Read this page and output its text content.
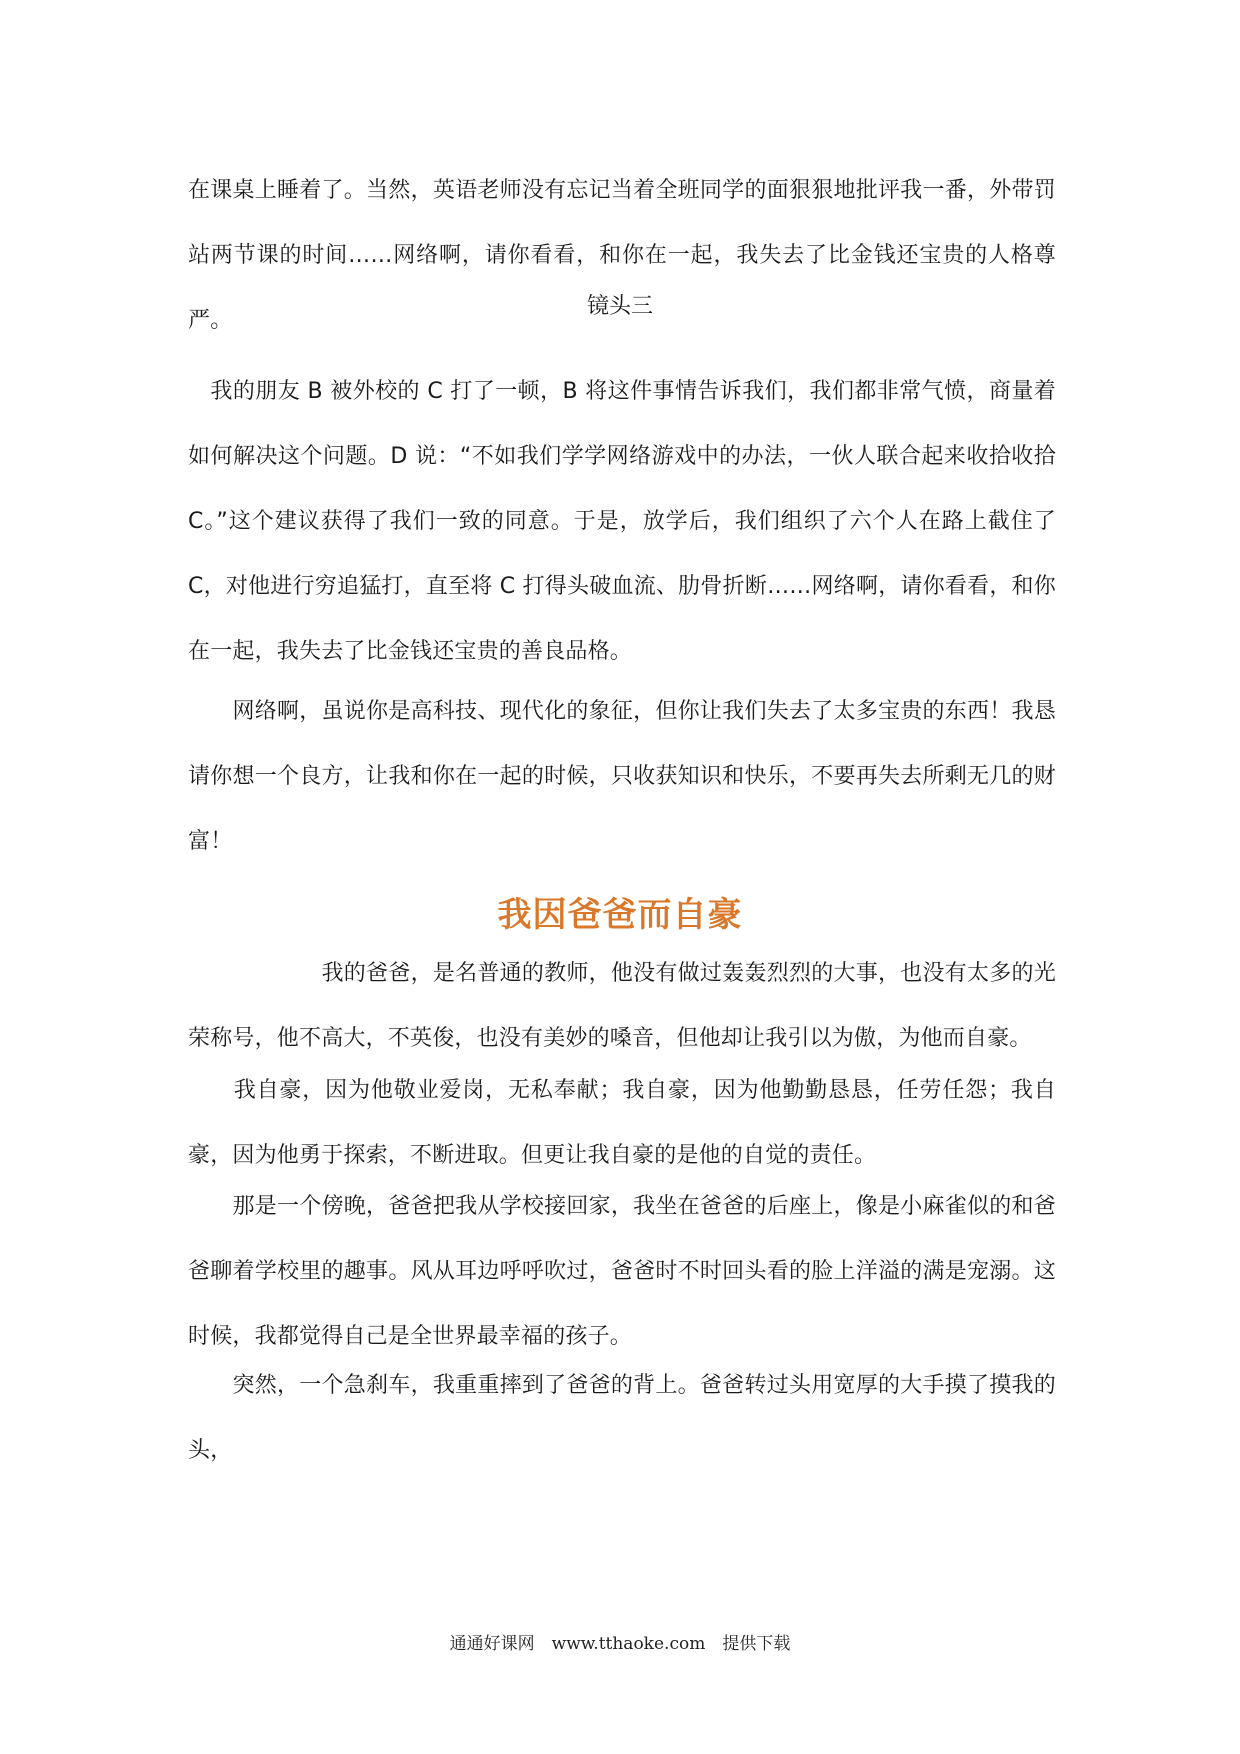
在课桌上睡着了。当然，英语老师没有忘记当着全班同学的面狠狠地批评我一番，外带罚站两节课的时间……网络啊，请你看看，和你在一起，我失去了比金钱还宝贵的人格尊严。
镜头三
　我的朋友 B 被外校的 C 打了一顿，B 将这件事情告诉我们，我们都非常气愤，商量着如何解决这个问题。D 说：“不如我们学学网络游戏中的办法，一伙人联合起来收拾收拾 C。”这个建议获得了我们一致的同意。于是，放学后，我们组织了六个人在路上截住了 C，对他进行穷追猛打，直至将 C 打得头破血流、肋骨折断……网络啊，请你看看，和你在一起，我失去了比金钱还宝贵的善良品格。
　　网络啊，虽说你是高科技、现代化的象征，但你让我们失去了太多宝贵的东西！我恳请你想一个良方，让我和你在一起的时候，只收获知识和快乐，不要再失去所剩无几的财富！
我因爸爸而自豪
　　　　　　我的爸爸，是名普通的教师，他没有做过轰轰烈烈的大事，也没有太多的光荣称号，他不高大，不英俊，也没有美妙的嗓音，但他却让我引以为傲，为他而自豪。
　　我自豪，因为他敬业爱岗，无私奉献；我自豪，因为他勤勤恳恳，任劳任怨；我自豪，因为他勇于探索，不断进取。但更让我自豪的是他的自觉的责任。
　　那是一个傍晚，爸爸把我从学校接回家，我坐在爸爸的后座上，像是小麻雀似的和爸爸聊着学校里的趣事。风从耳边呼呼吹过，爸爸时不时回头看的脸上洋溢的满是宠溺。这时候，我都觉得自己是全世界最幸福的孩子。
　　突然，一个急刹车，我重重摔到了爸爸的背上。爸爸转过头用宽厚的大手摸了摸我的头，
通通好课网　www.tthaoke.com　提供下载
